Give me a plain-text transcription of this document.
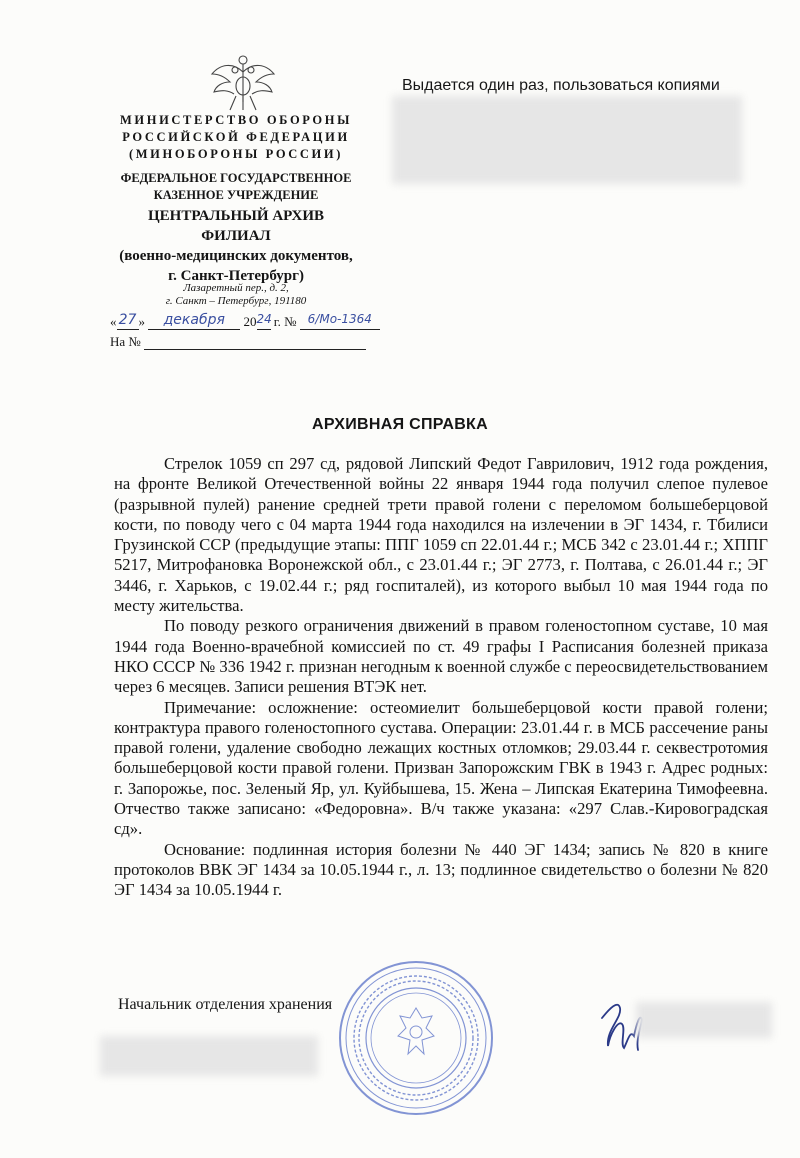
МИНИСТЕРСТВО ОБОРОНЫ
РОССИЙСКОЙ ФЕДЕРАЦИИ
(МИНОБОРОНЫ РОССИИ)
ФЕДЕРАЛЬНОЕ ГОСУДАРСТВЕННОЕ
КАЗЕННОЕ УЧРЕЖДЕНИЕ
ЦЕНТРАЛЬНЫЙ АРХИВ
ФИЛИАЛ
(военно-медицинских документов,
г. Санкт-Петербург)
Лазаретный пер., д. 2,
г. Санкт – Петербург, 191180
« 27 » декабря 2024 г. № 6/Мо-1364
На №
Выдается один раз, пользоваться копиями
АРХИВНАЯ СПРАВКА

Стрелок 1059 сп 297 сд, рядовой Липский Федот Гаврилович, 1912 года рождения, на фронте Великой Отечественной войны 22 января 1944 года получил слепое пулевое (разрывной пулей) ранение средней трети правой голени с переломом большеберцовой кости, по поводу чего с 04 марта 1944 года находился на излечении в ЭГ 1434, г. Тбилиси Грузинской ССР (предыдущие этапы: ППГ 1059 сп 22.01.44 г.; МСБ 342 с 23.01.44 г.; ХППГ 5217, Митрофановка Воронежской обл., с 23.01.44 г.; ЭГ 2773, г. Полтава, с 26.01.44 г.; ЭГ 3446, г. Харьков, с 19.02.44 г.; ряд госпиталей), из которого выбыл 10 мая 1944 года по месту жительства.

По поводу резкого ограничения движений в правом голеностопном суставе, 10 мая 1944 года Военно-врачебной комиссией по ст. 49 графы I Расписания болезней приказа НКО СССР № 336 1942 г. признан негодным к военной службе с переосвидетельствованием через 6 месяцев. Записи решения ВТЭК нет.

Примечание: осложнение: остеомиелит большеберцовой кости правой голени; контрактура правого голеностопного сустава. Операции: 23.01.44 г. в МСБ рассечение раны правой голени, удаление свободно лежащих костных отломков; 29.03.44 г. секвестротомия большеберцовой кости правой голени. Призван Запорожским ГВК в 1943 г. Адрес родных: г. Запорожье, пос. Зеленый Яр, ул. Куйбышева, 15. Жена – Липская Екатерина Тимофеевна. Отчество также записано: «Федоровна». В/ч также указана: «297 Слав.-Кировоградская сд».

Основание: подлинная история болезни № 440 ЭГ 1434; запись № 820 в книге протоколов ВВК ЭГ 1434 за 10.05.1944 г., л. 13; подлинное свидетельство о болезни № 820 ЭГ 1434 за 10.05.1944 г.

Начальник отделения хранения
